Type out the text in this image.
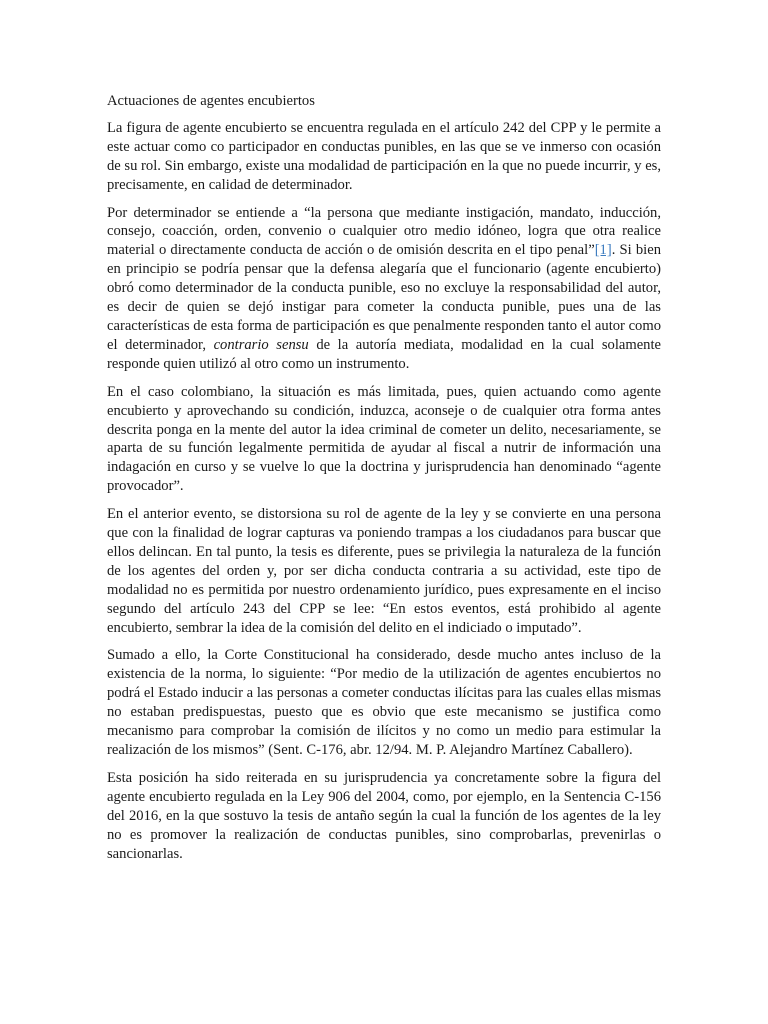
Actuaciones de agentes encubiertos

La figura de agente encubierto se encuentra regulada en el artículo 242 del CPP y le permite a este actuar como co participador en conductas punibles, en las que se ve inmerso con ocasión de su rol. Sin embargo, existe una modalidad de participación en la que no puede incurrir, y es, precisamente, en calidad de determinador.

Por determinador se entiende a “la persona que mediante instigación, mandato, inducción, consejo, coacción, orden, convenio o cualquier otro medio idóneo, logra que otra realice material o directamente conducta de acción o de omisión descrita en el tipo penal”[1]. Si bien en principio se podría pensar que la defensa alegaría que el funcionario (agente encubierto) obró como determinador de la conducta punible, eso no excluye la responsabilidad del autor, es decir de quien se dejó instigar para cometer la conducta punible, pues una de las características de esta forma de participación es que penalmente responden tanto el autor como el determinador, contrario sensu de la autoría mediata, modalidad en la cual solamente responde quien utilizó al otro como un instrumento.

En el caso colombiano, la situación es más limitada, pues, quien actuando como agente encubierto y aprovechando su condición, induzca, aconseje o de cualquier otra forma antes descrita ponga en la mente del autor la idea criminal de cometer un delito, necesariamente, se aparta de su función legalmente permitida de ayudar al fiscal a nutrir de información una indagación en curso y se vuelve lo que la doctrina y jurisprudencia han denominado “agente provocador”.

En el anterior evento, se distorsiona su rol de agente de la ley y se convierte en una persona que con la finalidad de lograr capturas va poniendo trampas a los ciudadanos para buscar que ellos delincan. En tal punto, la tesis es diferente, pues se privilegia la naturaleza de la función de los agentes del orden y, por ser dicha conducta contraria a su actividad, este tipo de modalidad no es permitida por nuestro ordenamiento jurídico, pues expresamente en el inciso segundo del artículo 243 del CPP se lee: “En estos eventos, está prohibido al agente encubierto, sembrar la idea de la comisión del delito en el indiciado o imputado”.

Sumado a ello, la Corte Constitucional ha considerado, desde mucho antes incluso de la existencia de la norma, lo siguiente: “Por medio de la utilización de agentes encubiertos no podrá el Estado inducir a las personas a cometer conductas ilícitas para las cuales ellas mismas no estaban predispuestas, puesto que es obvio que este mecanismo se justifica como mecanismo para comprobar la comisión de ilícitos y no como un medio para estimular la realización de los mismos” (Sent. C-176, abr. 12/94. M. P. Alejandro Martínez Caballero).

Esta posición ha sido reiterada en su jurisprudencia ya concretamente sobre la figura del agente encubierto regulada en la Ley 906 del 2004, como, por ejemplo, en la Sentencia C-156 del 2016, en la que sostuvo la tesis de antaño según la cual la función de los agentes de la ley no es promover la realización de conductas punibles, sino comprobarlas, prevenirlas o sancionarlas.
